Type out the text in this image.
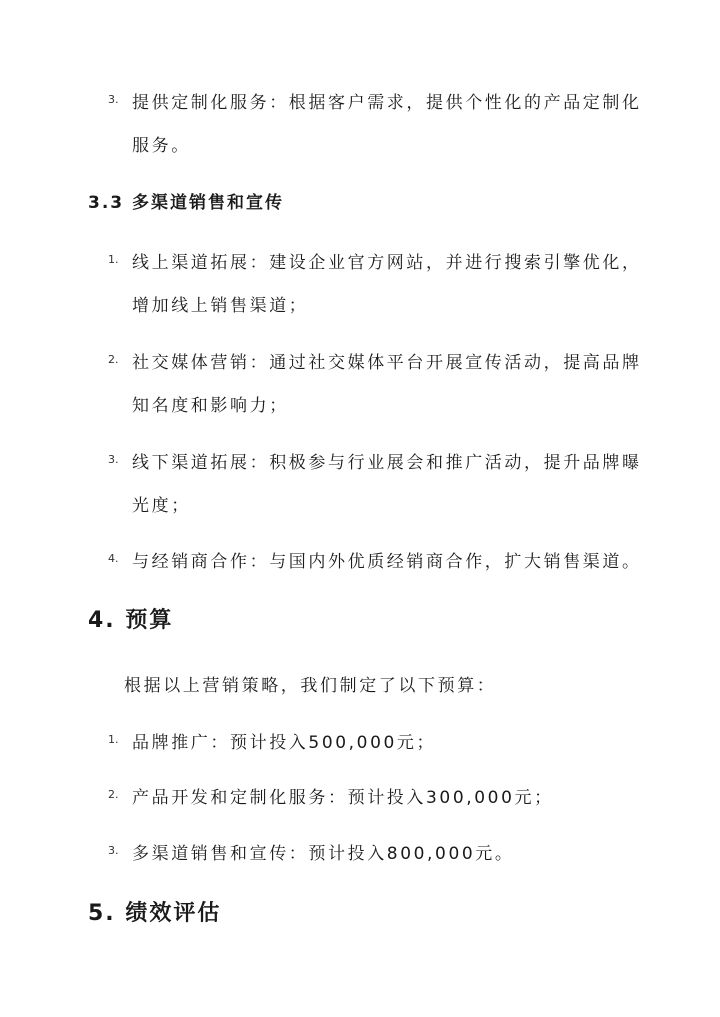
3. 提供定制化服务：根据客户需求，提供个性化的产品定制化
服务。
3.3 多渠道销售和宣传
1. 线上渠道拓展：建设企业官方网站，并进行搜索引擎优化，
增加线上销售渠道；
2. 社交媒体营销：通过社交媒体平台开展宣传活动，提高品牌
知名度和影响力；
3. 线下渠道拓展：积极参与行业展会和推广活动，提升品牌曝
光度；
4. 与经销商合作：与国内外优质经销商合作，扩大销售渠道。
4. 预算
根据以上营销策略，我们制定了以下预算：
1. 品牌推广：预计投入500,000元；
2. 产品开发和定制化服务：预计投入300,000元；
3. 多渠道销售和宣传：预计投入800,000元。
5. 绩效评估
